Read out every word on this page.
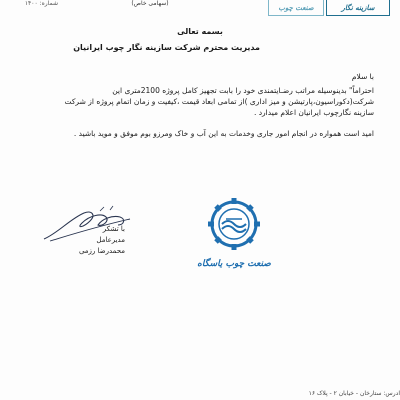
شماره: ۱۴۰۰	(سهامی خاص)	صنعت چوب	سازینه نگار
بسمه تعالی
مدیریت محترم شرکت سازینه نگار چوب ایرانیان
با سلام
احتراماً" بدینوسیله مراتب رضـایتمندی خود را بابت تجهیز کامل پروژه 2100متری این شرکت(دکوراسیون،پارتیشن و میز اداری )از تمامی ابعاد قیمت ،کیفیت و زمان اتمام پروژه از شرکت سازینه نگارچوب ایرانیان اعلام میدارد .
امید است همواره در انجام امور جاری وخدمات به این آب و خاک ومرزو بوم موفق و موید باشید .
با تشکر
مدیرعامل
محمدرضا رزمی
صنعت چوب یاسگاه
آدرس: ستارخان - خیابان ۲ - پلاک ۱۶
